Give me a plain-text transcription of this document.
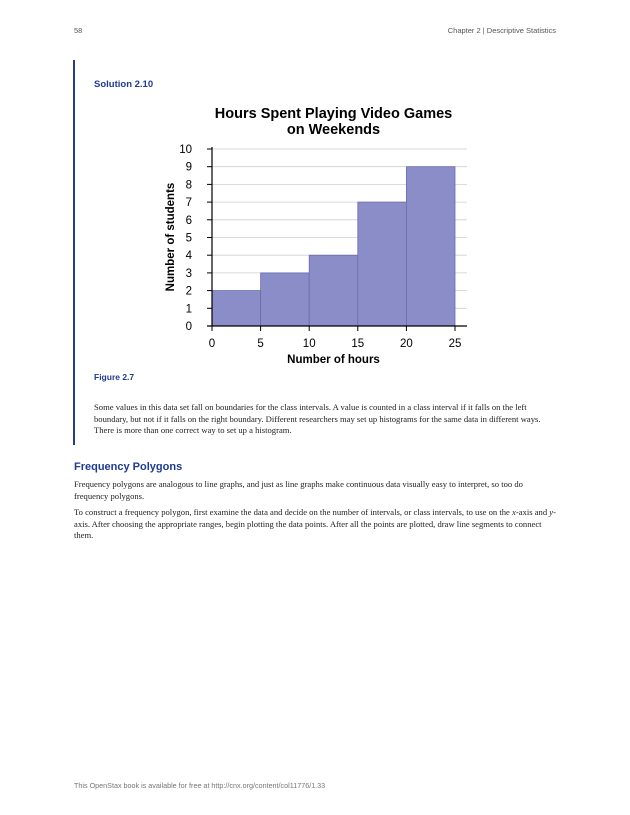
58	Chapter 2 | Descriptive Statistics
Solution 2.10
Hours Spent Playing Video Games
on Weekends
0
1
2
3
4
5
6
7
8
9
10
0	5	10	15	20	25
Number of hours
Number of students
Figure 2.7
Some values in this data set fall on boundaries for the class intervals. A value is counted in a class interval if it falls on the left boundary, but not if it falls on the right boundary. Different researchers may set up histograms for the same data in different ways. There is more than one correct way to set up a histogram.
Frequency Polygons
Frequency polygons are analogous to line graphs, and just as line graphs make continuous data visually easy to interpret, so too do frequency polygons.
To construct a frequency polygon, first examine the data and decide on the number of intervals, or class intervals, to use on the x-axis and y-axis. After choosing the appropriate ranges, begin plotting the data points. After all the points are plotted, draw line segments to connect them.
This OpenStax book is available for free at http://cnx.org/content/col11776/1.33
